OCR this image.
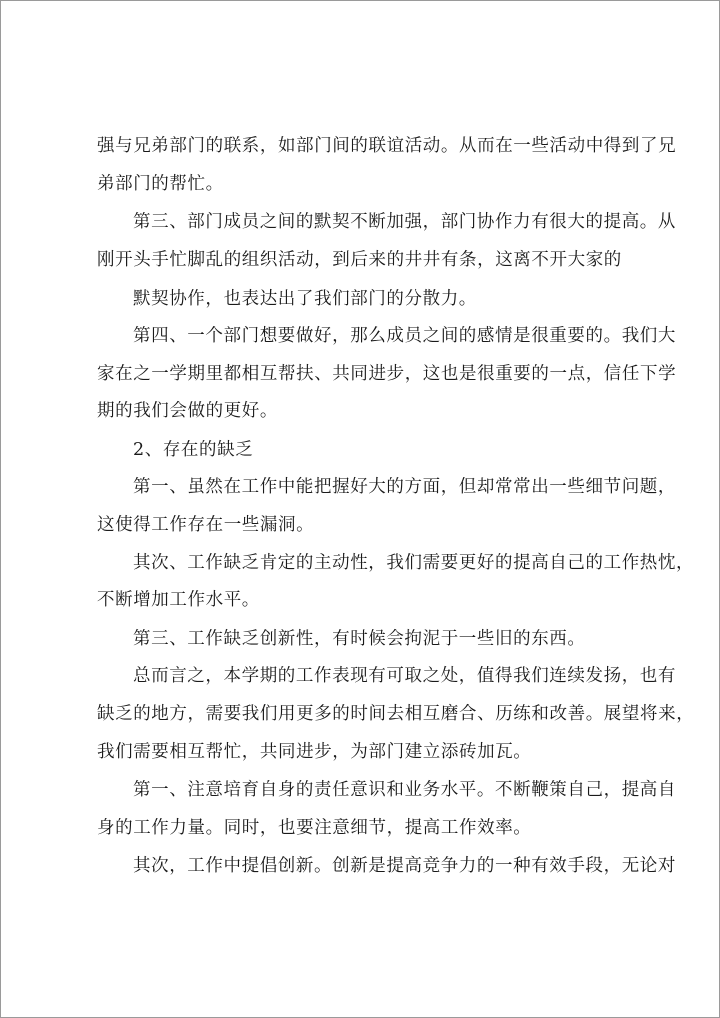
强与兄弟部门的联系，如部门间的联谊活动。从而在一些活动中得到了兄
弟部门的帮忙。
第三、部门成员之间的默契不断加强，部门协作力有很大的提高。从
刚开头手忙脚乱的组织活动，到后来的井井有条，这离不开大家的
默契协作，也表达出了我们部门的分散力。
第四、一个部门想要做好，那么成员之间的感情是很重要的。我们大
家在之一学期里都相互帮扶、共同进步，这也是很重要的一点，信任下学
期的我们会做的更好。
2、存在的缺乏
第一、虽然在工作中能把握好大的方面，但却常常出一些细节问题，
这使得工作存在一些漏洞。
其次、工作缺乏肯定的主动性，我们需要更好的提高自己的工作热忱，
不断增加工作水平。
第三、工作缺乏创新性，有时候会拘泥于一些旧的东西。
总而言之，本学期的工作表现有可取之处，值得我们连续发扬，也有
缺乏的地方，需要我们用更多的时间去相互磨合、历练和改善。展望将来，
我们需要相互帮忙，共同进步，为部门建立添砖加瓦。
第一、注意培育自身的责任意识和业务水平。不断鞭策自己，提高自
身的工作力量。同时，也要注意细节，提高工作效率。
其次，工作中提倡创新。创新是提高竞争力的一种有效手段，无论对
